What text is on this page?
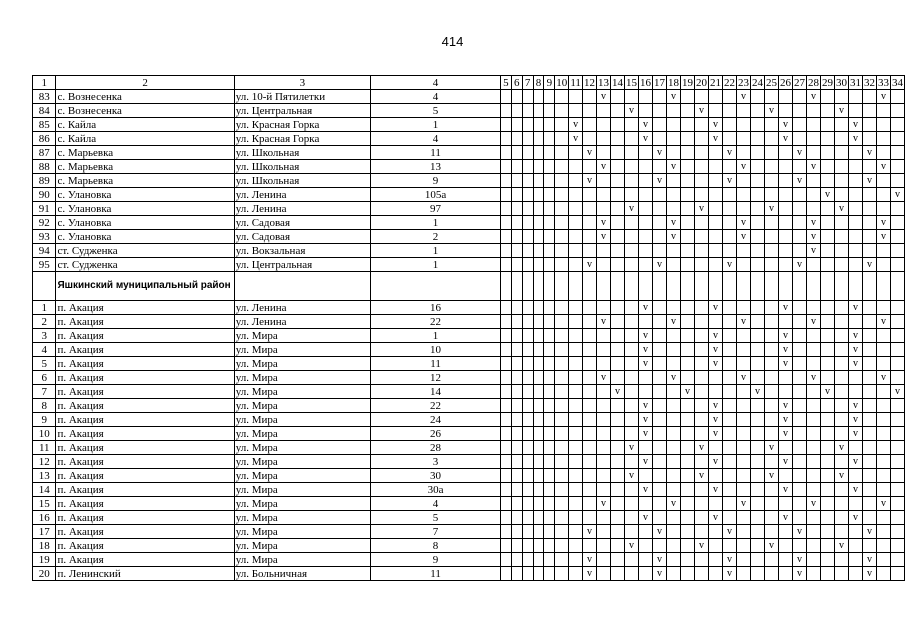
414
1	2	3	4	5	6	7	8	9	10	11	12	13	14	15	16	17	18	19	20	21	22	23	24	25	26	27	28	29	30	31	32	33	34
83	с. Вознесенка	ул. 10-й Пятилетки	4									v					v					v					v					v	
84	с. Вознесенка	ул. Центральная	5											v					v					v					v				
85	с. Кайла	ул. Красная Горка	1							v					v					v					v					v			
86	с. Кайла	ул. Красная Горка	4							v					v					v					v					v			
87	с. Марьевка	ул. Школьная	11								v					v					v					v					v		
88	с. Марьевка	ул. Школьная	13									v					v					v					v					v	
89	с. Марьевка	ул. Школьная	9								v					v					v					v					v		
90	с. Улановка	ул. Ленина	105а																									v					v
91	с. Улановка	ул. Ленина	97											v					v					v					v				
92	с. Улановка	ул. Садовая	1									v					v					v					v					v	
93	с. Улановка	ул. Садовая	2									v					v					v					v					v	
94	ст. Судженка	ул. Вокзальная	1																								v						
95	ст. Судженка	ул. Центральная	1								v					v					v					v					v		
	Яшкинский муниципальный район																																
1	п. Акация	ул. Ленина	16												v					v					v					v			
2	п. Акация	ул. Ленина	22									v					v					v					v					v	
3	п. Акация	ул. Мира	1												v					v					v					v			
4	п. Акация	ул. Мира	10												v					v					v					v			
5	п. Акация	ул. Мира	11												v					v					v					v			
6	п. Акация	ул. Мира	12									v					v					v					v					v	
7	п. Акация	ул. Мира	14										v					v					v					v					v
8	п. Акация	ул. Мира	22												v					v					v					v			
9	п. Акация	ул. Мира	24												v					v					v					v			
10	п. Акация	ул. Мира	26												v					v					v					v			
11	п. Акация	ул. Мира	28											v					v					v					v				
12	п. Акация	ул. Мира	3												v					v					v					v			
13	п. Акация	ул. Мира	30											v					v					v					v				
14	п. Акация	ул. Мира	30а												v					v					v					v			
15	п. Акация	ул. Мира	4									v					v					v					v					v	
16	п. Акация	ул. Мира	5												v					v					v					v			
17	п. Акация	ул. Мира	7								v					v					v					v					v		
18	п. Акация	ул. Мира	8											v					v					v					v				
19	п. Акация	ул. Мира	9								v					v					v					v					v		
20	п. Ленинский	ул. Больничная	11								v					v					v					v					v		
